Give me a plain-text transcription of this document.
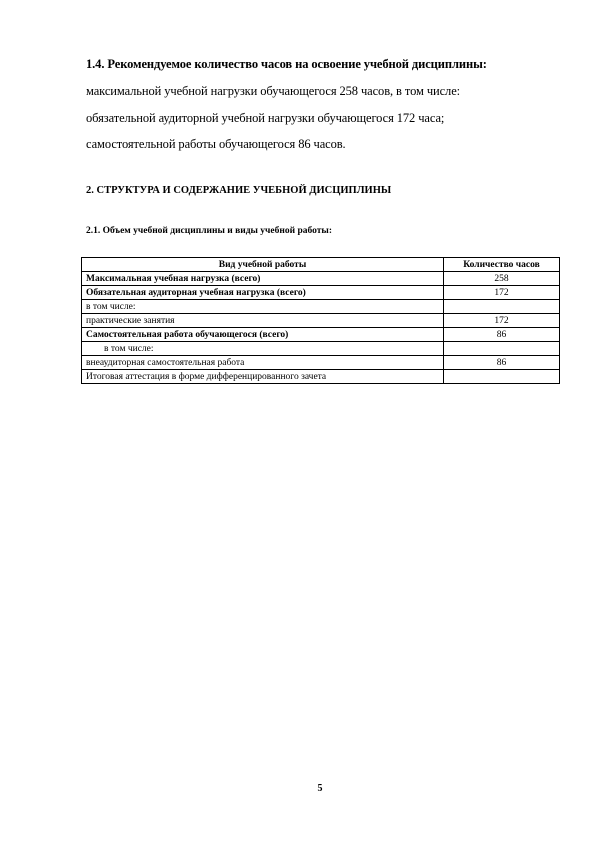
1.4. Рекомендуемое количество часов на освоение учебной дисциплины:
максимальной учебной нагрузки обучающегося 258 часов, в том числе:
обязательной аудиторной учебной нагрузки обучающегося 172 часа;
самостоятельной работы обучающегося 86 часов.
2. СТРУКТУРА И СОДЕРЖАНИЕ УЧЕБНОЙ ДИСЦИПЛИНЫ
2.1. Объем учебной дисциплины и виды учебной работы:
Вид учебной работы	Количество часов
Максимальная учебная нагрузка (всего)	258
Обязательная аудиторная учебная нагрузка (всего)	172
в том числе:	
практические занятия	172
Самостоятельная работа обучающегося (всего)	86
в том числе:	
внеаудиторная самостоятельная работа	86
Итоговая аттестация в форме дифференцированного зачета	
5
